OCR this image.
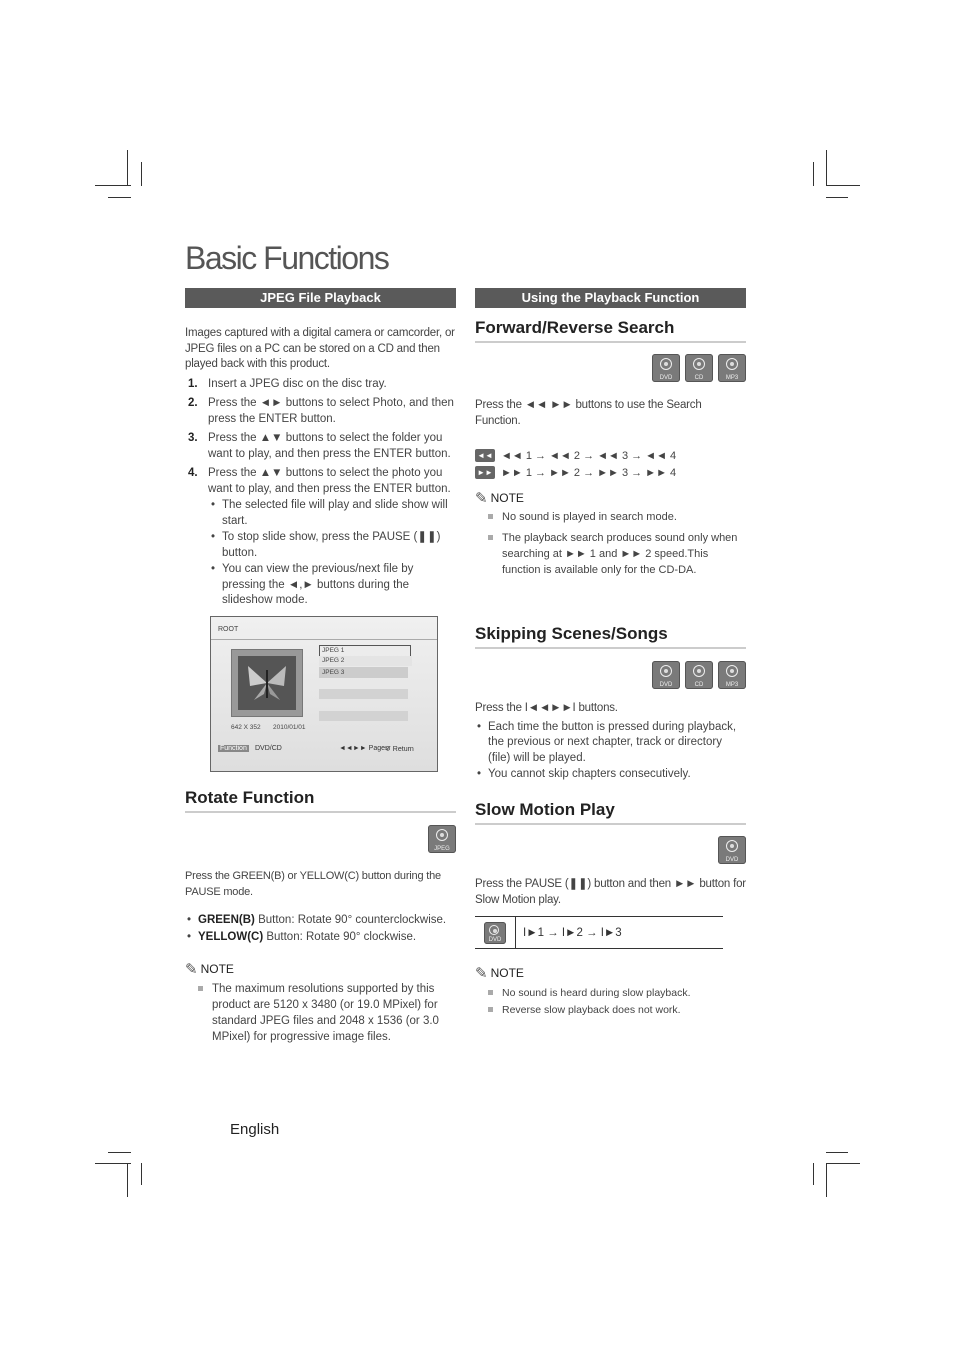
Basic Functions
JPEG File Playback

Images captured with a digital camera or camcorder, or JPEG files on a PC can be stored on a CD and then played back with this product.

1. Insert a JPEG disc on the disc tray.
2. Press the ◄► buttons to select Photo, and then press the ENTER button.
3. Press the ▲▼ buttons to select the folder you want to play, and then press the ENTER button.
4. Press the ▲▼ buttons to select the photo you want to play, and then press the ENTER button.
• The selected file will play and slide show will start.
• To stop slide show, press the PAUSE (❚❚) button.
• You can view the previous/next file by pressing the ◄,► buttons during the slideshow mode.
ROOT
JPEG 1
JPEG 2
JPEG 3
642 X 352 2010/01/01
Function DVD/CD	◄◄►► Pages
↺ Return
Rotate Function
JPEG

Press the GREEN(B) or YELLOW(C) button during the PAUSE mode.

• GREEN(B) Button: Rotate 90° counterclockwise.
• YELLOW(C) Button: Rotate 90° clockwise.
✎ NOTE
The maximum resolutions supported by this product are 5120 x 3480 (or 19.0 MPixel) for standard JPEG files and 2048 x 1536 (or 3.0 MPixel) for progressive image files.
Using the Playback Function
Forward/Reverse Search
DVD	CD	MP3

Press the ◄◄ ►► buttons to use the Search Function.

◄◄ ◄◄ 1 → ◄◄ 2 → ◄◄ 3 → ◄◄ 4
►► ►► 1 → ►► 2 → ►► 3 → ►► 4
✎ NOTE
No sound is played in search mode.
The playback search produces sound only when searching at ►► 1 and ►► 2 speed.This function is available only for the CD-DA.
Skipping Scenes/Songs
DVD	CD	MP3

Press the I◄◄►►I buttons.

• Each time the button is pressed during playback, the previous or next chapter, track or directory (file) will be played.
• You cannot skip chapters consecutively.
Slow Motion Play
DVD

Press the PAUSE (❚❚) button and then ►► button for Slow Motion play.

DVD
I►1 → I►2 → I►3
✎ NOTE
No sound is heard during slow playback.
Reverse slow playback does not work.
English
